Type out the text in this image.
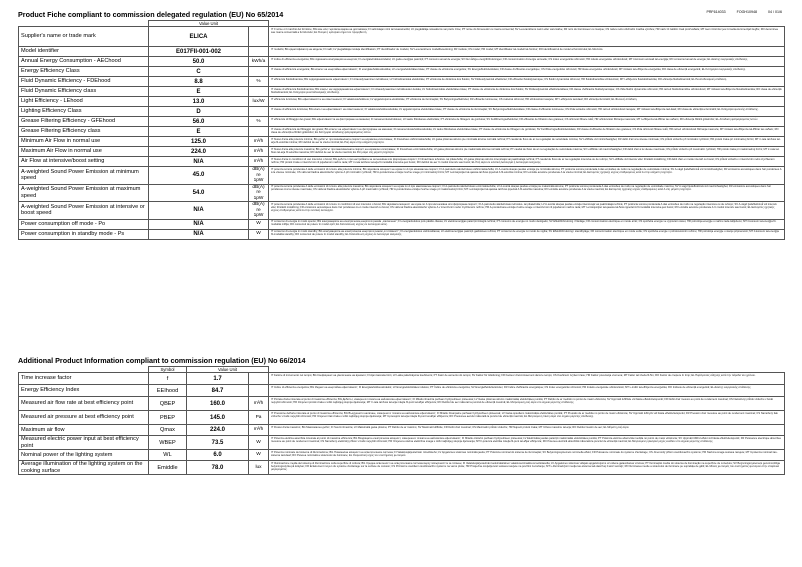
Product Fiche compliant to commission delegated regulation (EU) No 65/2014	PRF614033	FOGH10948	04 / 01/6
	Value Unit		
Supplier's name or trade mark	ELICA		IT Il nome o il marchio del fornitore; BG име или търговска марка на доставчика; FI valmistajan nimi tai tavaramerkki; LV piegādātāja nosaukums vai preču zīme; PT nome do fornecedor ou marca comercial; SV Leverantörens namn eller varumärke; FR nom du fournisseur ou marque; CS název nebo obchodní značka výrobce; HR naziv ili zaštitni znak proizvođača; MT isem il-fornitur jew il-marka kummerċjali tiegħu; RO denumirea sau marca comercială a furnizorului; EL Όνομα ή εμπορικό σήμα του προμηθευτή.
Model identifier	E017FII-001-002		IT modello; BG идентификатор на модела; FI malli; LV piegādātāja modeļa identifikators; PT identificador de modelo; SV Leverantörens modellbeteckning; FR modèle; CS model; HR model; MT identifikatur tal-mudell tal-fornitur; RO identificatorul de model al furnizorului; EL Μοντέλο.
Annual Energy Consumption - AEChood	50.0	kWh/a	IT indice di efficienza energetica; BG годишната консумация на енергия; FI energiatehokkuusindeksi; LV gada enerģijas patēriņš; PT consumo anual de energia; SV Den årliga energiförbrukningen; FR consommation d'énergie annuelle; CS index energetické účinnosti; HR indeks energetske učinkovitosti; MT il-konsum annwali tal-enerġija; RO consumul anual de energie; EL Δείκτης ενεργειακής απόδοσης.
Energy Efficiency Class	C		IT classe di efficienza energetica; BG класът на енергийна ефективност; FI energiatehokkuusluokka; LV energoefektivitātes klase; PT classe de eficiência energética; SV Energieffektivitetsklass; FR classe d'efficacité énergétique; CS třída energetické účinnosti; HR klasa energetske učinkovitosti; MT il-klassi tal-effiċjenza enerġetika; RO clasa de eficiență energetică; EL Κατηγορία ενεργειακής απόδοσης.
Fluid Dynamic Efficiency - FDEhood	8.8	%	IT efficienza fluidodinamica; BG хидродинамичната ефективност; FI virtausdynaaminen tehokkuus; LV hidrodinamiskā efektivitāte; PT eficiência de dinâmica dos fluidos; SV Flödesdynamisk effektivitet; FR efficacité fluidodynamique; CS fluidní dynamická účinnost; HR fluidodinamička učinkovitost; MT l-effiċjenza fluwidodinamika; RO eficiența fluidodinamică; EL Ρευστοδυναμική απόδοση.
Fluid Dynamic Efficiency class	E		IT classe di efficienza fluidodinamica; BG класът на хидродинамична ефективност; FI virtausdynaamisen tehokkuuden luokka; LV hidrodinamiskās efektivitātes klase; PT classe de eficiência de dinâmica dos fluidos; SV Flödesdynamisk effektivitetsklass; FR classe d'efficacité fluidodynamique; CS třída fluidní dynamické účinnosti; HR razred fluidodinamičke učinkovitosti; MT il-klassi tal-effiċjenza fluwidodinamika; RO clasa de eficiență fluidodinamică; EL Κατηγορία ρευστοδυναμικής απόδοσης.
Light Efficiency - LEhood	13.0	lux/W	IT efficienza luminosa; BG ефективността на осветлението; FI valaistustehokkuus; LV apgaismojuma efektivitāte; PT eficiência de iluminação; SV Belysningseffektivitet; FR efficacité lumineuse; CS světelná účinnost; HR učinkovitost rasvjete; MT l-effiċjenza tad-dawl; RO eficiența iluminării; EL Φωτεινή απόδοση.
Lighting Efficiency Class	D		IT classe di efficienza luminosa; BG класът на ефективност на осветлението; FI valaistustehokkuusluokka; LV apgaismojuma efektivitātes klase; PT classe de eficiência de iluminação; SV Belysningseffektivitetsklass; FR classe d'efficacité lumineuse; CS třída světelné účinnosti; HR razred učinkovitosti rasvjete; MT il-klassi tal-effiċjenza tad-dawl; RO clasa de eficiență a iluminării; EL Κατηγορία φωτεινής απόδοσης.
Grease Filtering Efficiency - GFEhood	56.0	%	IT efficienza di filtraggio dei grassi; BG ефективността на филтриране на мазнини; FI rasvanerotustehokkuus; LV tauku filtrēšanas efektivitāte; PT eficiência de filtragem de gorduras; SV Fettfiltreringseffektivitet; FR efficacité de filtration des graisses; CS účinnost filtrace tuků; HR učinkovitost filtriranja masnoća; MT l-effiċjenza tal-iffiltrar tax-xaħam; RO eficiența filtrării grăsimilor; EL Απόδοση φιλτραρίσματος λιπών.
Grease Filtering Efficiency class	E		IT classe di efficienza del filtraggio dei grassi; BG класът на ефективност на филтриране на мазнини; FI rasvanerotustehokkuusluokka; LV tauku filtrēšanas efektivitātes klase; PT classe de eficiência de filtragem de gorduras; SV Fettfiltreringseffektivitetsklass; FR classe d'efficacité de filtration des graisses; CS třída účinnosti filtrace tuků; HR razred učinkovitosti filtriranja masnoća; MT il-klassi tal-effiċjenza tal-iffiltrar tax-xaħam; RO clasa de eficiență a filtrării grăsimilor; EL Κατηγορία απόδοσης φιλτραρίσματος λιπών.
Minimum Air Flow in normal use	125.0	m³/h	IT flusso d'aria alla potenza minima; BG дебитът при минималната скорост на нормална използване; FI ilmavirtaus vähimmäisteholla; LV gaisa plūsmas ātrums pie minimālā ātruma normālā režīmā; PT caudal de fluxo de ar na regulação de velocidade mínima; SV Luftflöde vid minimihastighet; FR débit d'air à la vitesse minimale; CS průtok vzduchu při minimální rychlosti; HR protok zraka pri minimalnoj brzini; MT ir-rata tal-fluss tal-arja fil-veloċità minima; RO debitul de aer la viteza minimă; EL Ροή αέρα στην ελάχιστη ταχύτητα.
Maximum Air Flow in normal use	224.0	m³/h	IT flusso d'aria alla potenza massima; BG дебитът при максималната скорост на нормално използване; FI ilmavirtaus enimmäisteholla; LV gaisa plūsmas ātrums pie maksimālā ātruma normālā režīmā; PT caudal de fluxo de ar na regulação de velocidade máxima; SV Luftflöde vid maximihastighet; FR débit d'air à la vitesse maximale; CS průtok vzduchu při maximální rychlosti; HR protok zraka pri maksimalnoj brzini; MT ir-rata tal-fluss tal-arja fil-veloċità massima; RO debitul de aer la viteza maximă; EL Ροή αέρα στη μέγιστη ταχύτητα.
Air Flow at intensive/boost setting	N/A	m³/h	IT flusso d'aria in condizioni di uso intensivo o boost; BG дебитът при настройката за интензивна или форсирана скорост; FI ilmavirtaus tehostus- tai pikateholla; LV gaisa plūsmas ātrums intensīvajā vai paātrinātajā režīmā; PT caudal de fluxo de ar na regulação intensiva ou de reforço; SV Luftflöde vid intensiv eller förstärkt inställning; FR débit d'air en mode intensif ou boost; CS průtok vzduchu v intenzivním nebo zrychleném režimu; HR protok zraka u intenzivnom ili pojačanom načinu rada; MT ir-rata tal-fluss tal-arja fil-modalità intensiva jew boost; RO debitul de aer în modul intensiv sau boost; EL Ροή αέρα σε εντατική λειτουργία ή λειτουργία ενίσχυσης.
A-weighted Sound Power Emission at minimum speed	45.0	dB(A) re 1pW	IT potenza sonora ponderata A delle emissioni di rumore alla potenza minima; BG звуковата мощност на шума по A при минимална скорост; FI A-painotettu äänitehotaso vähimmäisteholla; LV A-svērtā skaņas jaudas emisija pie minimālā ātruma; PT potência sonora ponderada A das emissões de ruído na regulação de velocidade mínima; SV A-vägd ljudeffektnivå vid minimihastighet; FR émissions acoustiques dans l'air pondérées A à la vitesse minimale; CS vážená hladina akustického výkonu A při minimální rychlosti; HR A-ponderirana emisija zvučne snage pri minimalnoj brzini; MT l-emissjonijiet tal-qawwa tal-ħoss ippeżati A fil-veloċità minima; RO emisiile acustice ponderate A la viteza minimă; EL Εκπομπές ηχητικής ισχύος σταθμισμένες κατά Α στην ελάχιστη ταχύτητα.
A-weighted Sound Power Emission at maximum speed	54.0	dB(A) re 1pW	IT potenza sonora ponderata A delle emissioni di rumore alla potenza massima; BG звуковата мощност на шума по A при максимална скорост; FI A-painotettu äänitehotaso enimmäisteholla; LV A-svērtā skaņas jaudas emisija pie maksimālā ātruma; PT potência sonora ponderada A das emissões de ruído na regulação de velocidade máxima; SV A-vägd ljudeffektnivå vid maximihastighet; FR émissions acoustiques dans l'air pondérées A à la vitesse maximale; CS vážená hladina akustického výkonu A při maximální rychlosti; HR A-ponderirana emisija zvučne snage pri maksimalnoj brzini; MT l-emissjonijiet tal-qawwa tal-ħoss ippeżati A fil-veloċità massima; RO emisiile acustice ponderate A la viteza maximă; EL Εκπομπές ηχητικής ισχύος σταθμισμένες κατά Α στη μέγιστη ταχύτητα.
A-weighted Sound Power Emission at intensive or boost speed	N/A	dB(A) re 1pW	IT potenza sonora ponderata A delle emissioni di rumore in condizioni di uso intensivo o boost; BG звуковата мощност на шума по A при интензивна или форсирана скорост; FI A-painotettu äänitehotaso tehostus- tai pikateholla; LV A-svērtā skaņas jaudas emisija intensīvajā vai paātrinātajā režīmā; PT potência sonora ponderada A das emissões de ruído na regulação intensiva ou de reforço; SV A-vägd ljudeffektnivå vid intensiv eller förstärkt inställning; FR émissions acoustiques dans l'air pondérées A en mode intensif ou boost; CS vážená hladina akustického výkonu A v intenzivním nebo zrychleném režimu; HR A-ponderirana emisija zvučne snage u intenzivnom ili pojačanom načinu rada; MT l-emissjonijiet tal-qawwa tal-ħoss ippeżati A fil-modalità intensiva jew boost; RO emisiile acustice ponderate A în modul intensiv sau boost; EL Εκπομπές ηχητικής ισχύος σταθμισμένες κατά Α στην εντατική λειτουργία.
Power consumption off mode - Po	N/A	W	IT consumo di energia in modo spento; BG консумацията на електрическа енергия в режим „изключено“; FI energiankulutus pois päältä -tilassa; LV elektroenerģijas patēriņš izslēgtā režīmā; PT consumo de energia no modo desligado; SV Effektförbrukning i frånläge; FR consommation électrique en mode arrêt; CS spotřeba energie ve vypnutém stavu; HR potrošnja energije u načinu rada isključeno; MT il-konsum tal-enerġija fil-modalità mitfija; RO consumul de putere în modul oprit; EL Κατανάλωση ισχύος σε λειτουργία εκτός.
Power consumption in standby mode - Ps	N/A	W	IT consumo di energia in modo standby; BG консумацията на електрическа енергия в режим „в готовност“; FI energiankulutus valmiustilassa; LV elektroenerģijas patēriņš gaidstāves režīmā; PT consumo de energia no modo de vigília; SV Effektförbrukning i standbyläge; FR consommation électrique en mode veille; CS spotřeba energie v pohotovostním režimu; HR potrošnja energije u stanju pripravnosti; MT il-konsum tal-enerġija fil-modalità standby; RO consumul de putere în modul standby; EL Κατανάλωση ισχύος σε λειτουργία αναμονής.
Additional Product Information compliant to commission regulation (EU) No 66/2014
	Symbol	Value Unit		
Time increase factor	f	1.7		IT Fattore di incremento nel tempo; BG Коефициент на увеличение на времето; FI Ajan kasvukerroin; LV Laika palielinājuma koeficients; PT Fator de aumento do tempo; SV Faktor för tidsökning; FR Facteur d'accroissement dans le temps; CS Koeficient zvýšení času; HR Faktor povećanja vremena; MT Fattur taż-żieda fil-ħin; RO Factor de creștere în timp; EL Παράγοντας αύξησης κατά την πάροδο του χρόνου.
Energy Efficiency Index	EEIhood	84.7		IT Indice di efficienza energetica; BG Индекс на енергийна ефективност; FI Energiatehokkuusindeksi; LV Energoefektivitātes indekss; PT Índice de eficiência energética; SV Energieffektivitetsindex; FR Indice d'efficacité énergétique; CS Index energetické účinnosti; HR Indeks energetske učinkovitosti; MT L-indiċi tal-effiċjenza enerġetika; RO Indicele de eficiență energetică; EL Δείκτης ενεργειακής απόδοσης.
Measured air flow rate at best efficiency point	QBEP	160.0	m³/h	IT Portata d'aria misurata al punto di massima efficienza; BG Дебитът, измерен в точката на най-висока ефективност; FI Mitattu ilmavirta parhaan hyötysuhteen pisteessä; LV Gaisa plūsmas ātrums maksimālās efektivitātes punktā; PT Débito de ar medido no ponto de maior eficiência; SV Uppmätt luftflöde vid bästa effektivitetspunkt; FR Débit d'air mesuré au point de rendement maximal; CS Naměřený průtok vzduchu v bodě nejvyšší účinnosti; HR Izmjereni protok zraka u točki najboljeg stupnja djelovanja; MT Ir-rata tal-fluss tal-arja mkejla fil-punt tal-aħjar effiċjenza; RO Debitul de aer măsurat la punctul de eficiență maximă; EL Μετρούμενη ροή αέρα στο σημείο μέγιστης απόδοσης.
Measured air pressure at best efficiency point	PBEP	145.0	Pa	IT Pressione dell'aria misurata al punto di massima efficienza; BG Въздушното налягане, измерено в точката на най-висока ефективност; FI Mitattu ilmanpaine parhaan hyötysuhteen pisteessä; LV Gaisa spiediens maksimālās efektivitātes punktā; PT Pressão de ar medida no ponto de maior eficiência; SV Uppmätt lufttryck vid bästa effektivitetspunkt; FR Pression d'air mesurée au point de rendement maximal; CS Naměřený tlak vzduchu v bodě nejvyšší účinnosti; HR Izmjereni tlak zraka u točki najboljeg stupnja djelovanja; MT Il-pressjoni tal-arja mkejla fil-punt tal-aħjar effiċjenza; RO Presiunea aerului măsurată la punctul de eficiență maximă; EL Μετρούμενη πίεση αέρα στο σημείο μέγιστης απόδοσης.
Maximum air flow	Qmax	224.0	m³/h	IT Flusso d'aria massimo; BG Максимален дебит; FI Suurin ilmavirta; LV Maksimālā gaisa plūsma; PT Débito de ar máximo; SV Maximalt luftflöde; FR Débit d'air maximal; CS Maximální průtok vzduchu; HR Najveći protok zraka; MT Il-fluss massimu tal-arja; RO Debitul maxim de aer; EL Μέγιστη ροή αέρα.
Measured electric power input at best efficiency point	WBEP	73.5	W	IT Potenza elettrica assorbita misurata al punto di massima efficienza; BG Входящата електрическа мощност, измерена в точката на най-висока ефективност; FI Mitattu ottoteho parhaan hyötysuhteen pisteessä; LV Elektriskās jaudas patēriņš maksimālās efektivitātes punktā; PT Potência elétrica absorvida medida no ponto de maior eficiência; SV Uppmätt tillförd effekt vid bästa effektivitetspunkt; FR Puissance électrique absorbée mesurée au point de rendement maximal; CS Naměřený elektrický příkon v bodě nejvyšší účinnosti; HR Izmjerena ulazna električna snaga u točki najboljeg stupnja djelovanja; MT Il-potenza elettrika mkejla fil-punt tal-aħjar effiċjenza; RO Puterea electrică absorbită măsurată la punctul de eficiență maximă; EL Μετρούμενη ηλεκτρική ισχύς εισόδου στο σημείο μέγιστης απόδοσης.
Nominal power of the lighting system	WL	6.0	W	IT Potenza nominale del sistema di illuminazione; BG Номинална мощност на осветителната система; FI Valaistusjärjestelmän nimellisteho; LV Apgaismes sistēmas nominālā jauda; PT Potência nominal do sistema de iluminação; SV Belysningssystemets nominella effekt; FR Puissance nominale du système d'éclairage; CS Jmenovitý příkon osvětlovacího systému; HR Nazivna snaga sustava rasvjete; MT Il-potenza nominali tas-sistema tad-dawl; RO Puterea nominală a sistemului de iluminare; EL Ονομαστική ισχύς του συστήματος φωτισμού.
Average illumination of the lighting system on the cooking surface	Emiddle	78.0	lux	IT Illuminazione media del sistema di illuminazione sulla superficie di cottura; BG Средна осветеност на осветителната система върху повърхността за готвене; FI Valaistusjärjestelmän keskimääräinen valaistusvoimakkuus keittotasolla; LV Apgaismes sistēmas vidējais apgaismojums uz ēdiena gatavošanas virsmas; PT Iluminação média do sistema de iluminação na superfície de cozedura; SV Belysningssystemets genomsnittliga belysningsstyrka på kokytan; FR Éclairement moyen du système d'éclairage sur la surface de cuisson; CS Průměrné osvětlení osvětlovacího systému na varné ploše; HR Prosječna osvijetljenost sustava rasvjete na površini za kuhanje; MT L-illuminazzjoni medja tas-sistema tad-dawl fuq il-wiċċ tat-tisjir; RO Iluminarea medie a sistemului de iluminare pe suprafața de gătit; EL Μέσος φωτισμός του συστήματος φωτισμού στην επιφάνεια μαγειρέματος.
